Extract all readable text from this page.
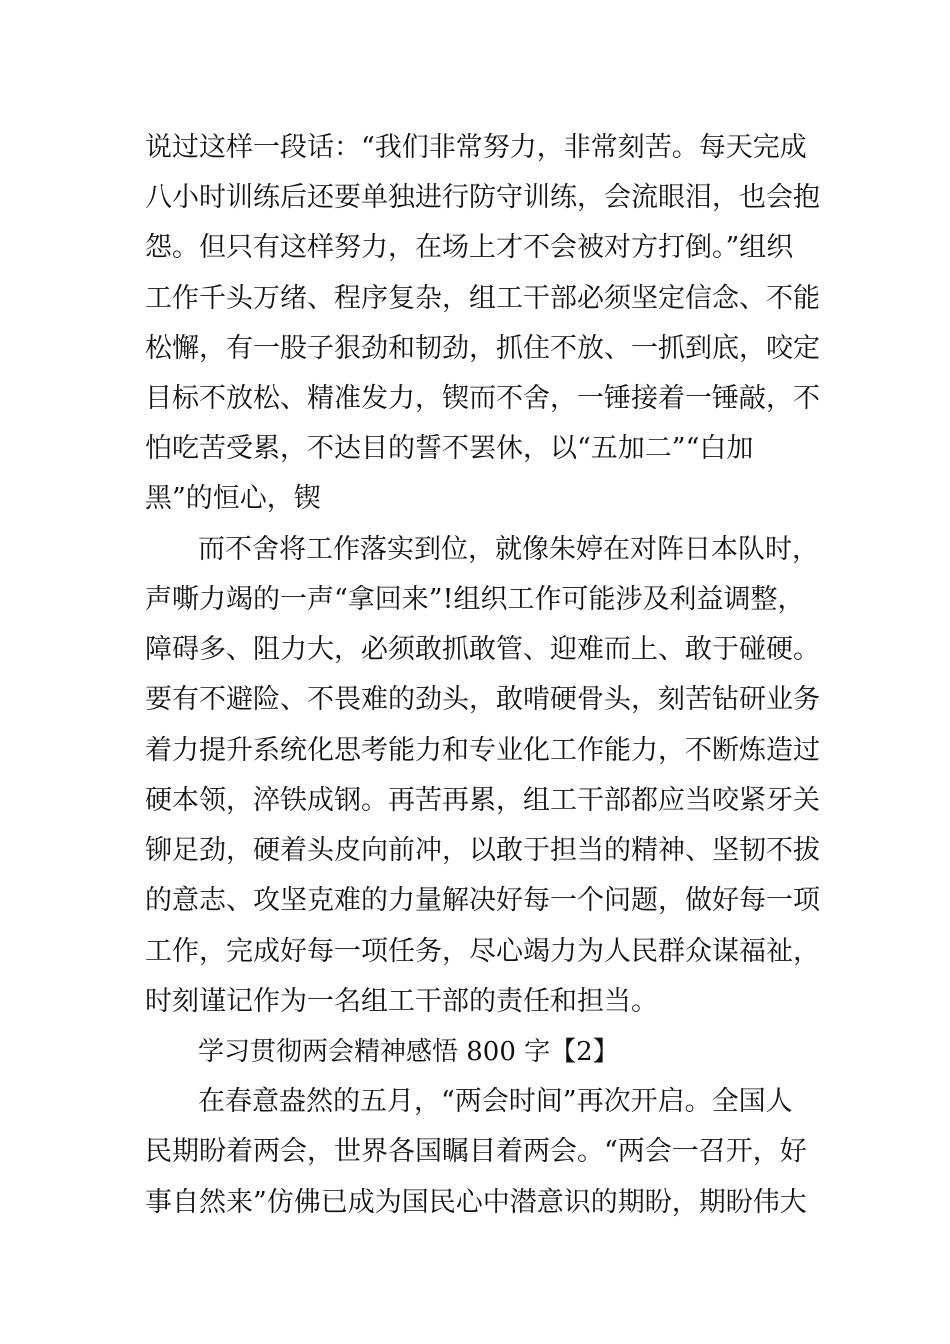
说过这样一段话：“我们非常努力，非常刻苦。每天完成
八小时训练后还要单独进行防守训练，会流眼泪，也会抱
怨。但只有这样努力，在场上才不会被对方打倒。”组织
工作千头万绪、程序复杂，组工干部必须坚定信念、不能
松懈，有一股子狠劲和韧劲，抓住不放、一抓到底，咬定
目标不放松、精准发力，锲而不舍，一锤接着一锤敲，不
怕吃苦受累，不达目的誓不罢休，以“五加二”“白加
黑”的恒心，锲
而不舍将工作落实到位，就像朱婷在对阵日本队时，
声嘶力竭的一声“拿回来”!组织工作可能涉及利益调整，
障碍多、阻力大，必须敢抓敢管、迎难而上、敢于碰硬。
要有不避险、不畏难的劲头，敢啃硬骨头，刻苦钻研业务
着力提升系统化思考能力和专业化工作能力，不断炼造过
硬本领，淬铁成钢。再苦再累，组工干部都应当咬紧牙关
铆足劲，硬着头皮向前冲，以敢于担当的精神、坚韧不拔
的意志、攻坚克难的力量解决好每一个问题，做好每一项
工作，完成好每一项任务，尽心竭力为人民群众谋福祉，
时刻谨记作为一名组工干部的责任和担当。
学习贯彻两会精神感悟 800 字【2】
在春意盎然的五月，“两会时间”再次开启。全国人
民期盼着两会，世界各国瞩目着两会。“两会一召开，好
事自然来”仿佛已成为国民心中潜意识的期盼，期盼伟大
